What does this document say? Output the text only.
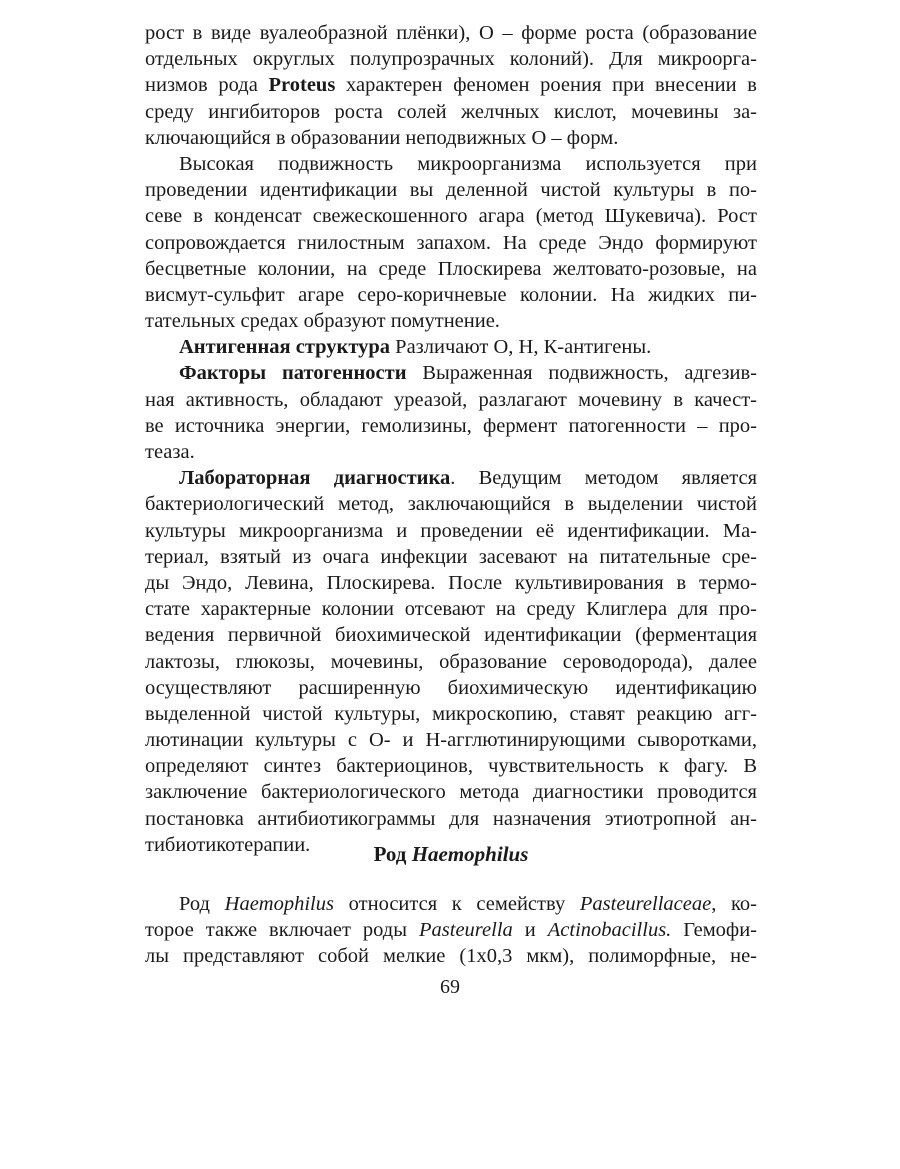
рост в виде вуалеобразной плёнки), О – форме роста (образование
отдельных округлых полупрозрачных колоний). Для микроорга-
низмов рода Proteus характерен феномен роения при внесении в
среду ингибиторов роста солей желчных кислот, мочевины за-
ключающийся в образовании неподвижных О – форм.
Высокая подвижность микроорганизма используется при
проведении идентификации вы деленной чистой культуры в по-
севе в конденсат свежескошенного агара (метод Шукевича). Рост
сопровождается гнилостным запахом. На среде Эндо формируют
бесцветные колонии, на среде Плоскирева желтовато-розовые, на
висмут-сульфит агаре серо-коричневые колонии. На жидких пи-
тательных средах образуют помутнение.
Антигенная структура Различают О, Н, К-антигены.
Факторы патогенности Выраженная подвижность, адгезив-
ная активность, обладают уреазой, разлагают мочевину в качест-
ве источника энергии, гемолизины, фермент патогенности – про-
теаза.
Лабораторная диагностика. Ведущим методом является
бактериологический метод, заключающийся в выделении чистой
культуры микроорганизма и проведении её идентификации. Ма-
териал, взятый из очага инфекции засевают на питательные сре-
ды Эндо, Левина, Плоскирева. После культивирования в термо-
стате характерные колонии отсевают на среду Клиглера для про-
ведения первичной биохимической идентификации (ферментация
лактозы, глюкозы, мочевины, образование сероводорода), далее
осуществляют расширенную биохимическую идентификацию
выделенной чистой культуры, микроскопию, ставят реакцию агг-
лютинации культуры с О- и Н-агглютинирующими сыворотками,
определяют синтез бактериоцинов, чувствительность к фагу. В
заключение бактериологического метода диагностики проводится
постановка антибиотикограммы для назначения этиотропной ан-
тибиотикотерапии.	Род Haemophilus
Род Haemophilus относится к семейству Pasteurellaceae, ко-
торое также включает роды Pasteurella и Actinobacillus. Гемофи-
лы представляют собой мелкие (1х0,3 мкм), полиморфные, не-
69
